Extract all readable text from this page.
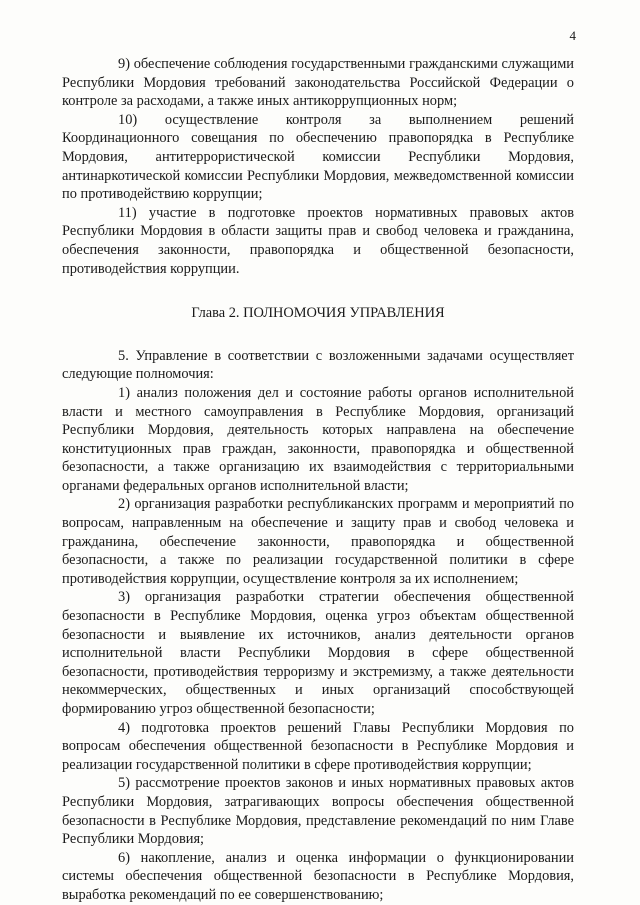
4

9) обеспечение соблюдения государственными гражданскими служащими Республики Мордовия требований законодательства Российской Федерации о контроле за расходами, а также иных антикоррупционных норм;

10) осуществление контроля за выполнением решений Координационного совещания по обеспечению правопорядка в Республике Мордовия, антитеррористической комиссии Республики Мордовия, антинаркотической комиссии Республики Мордовия, межведомственной комиссии по противодействию коррупции;

11) участие в подготовке проектов нормативных правовых актов Республики Мордовия в области защиты прав и свобод человека и гражданина, обеспечения законности, правопорядка и общественной безопасности, противодействия коррупции.

Глава 2. ПОЛНОМОЧИЯ УПРАВЛЕНИЯ

5. Управление в соответствии с возложенными задачами осуществляет следующие полномочия:

1) анализ положения дел и состояние работы органов исполнительной власти и местного самоуправления в Республике Мордовия, организаций Республики Мордовия, деятельность которых направлена на обеспечение конституционных прав граждан, законности, правопорядка и общественной безопасности, а также организацию их взаимодействия с территориальными органами федеральных органов исполнительной власти;

2) организация разработки республиканских программ и мероприятий по вопросам, направленным на обеспечение и защиту прав и свобод человека и гражданина, обеспечение законности, правопорядка и общественной безопасности, а также по реализации государственной политики в сфере противодействия коррупции, осуществление контроля за их исполнением;

3) организация разработки стратегии обеспечения общественной безопасности в Республике Мордовия, оценка угроз объектам общественной безопасности и выявление их источников, анализ деятельности органов исполнительной власти Республики Мордовия в сфере общественной безопасности, противодействия терроризму и экстремизму, а также деятельности некоммерческих, общественных и иных организаций способствующей формированию угроз общественной безопасности;

4) подготовка проектов решений Главы Республики Мордовия по вопросам обеспечения общественной безопасности в Республике Мордовия и реализации государственной политики в сфере противодействия коррупции;

5) рассмотрение проектов законов и иных нормативных правовых актов Республики Мордовия, затрагивающих вопросы обеспечения общественной безопасности в Республике Мордовия, представление рекомендаций по ним Главе Республики Мордовия;

6) накопление, анализ и оценка информации о функционировании системы обеспечения общественной безопасности в Республике Мордовия, выработка рекомендаций по ее совершенствованию;
